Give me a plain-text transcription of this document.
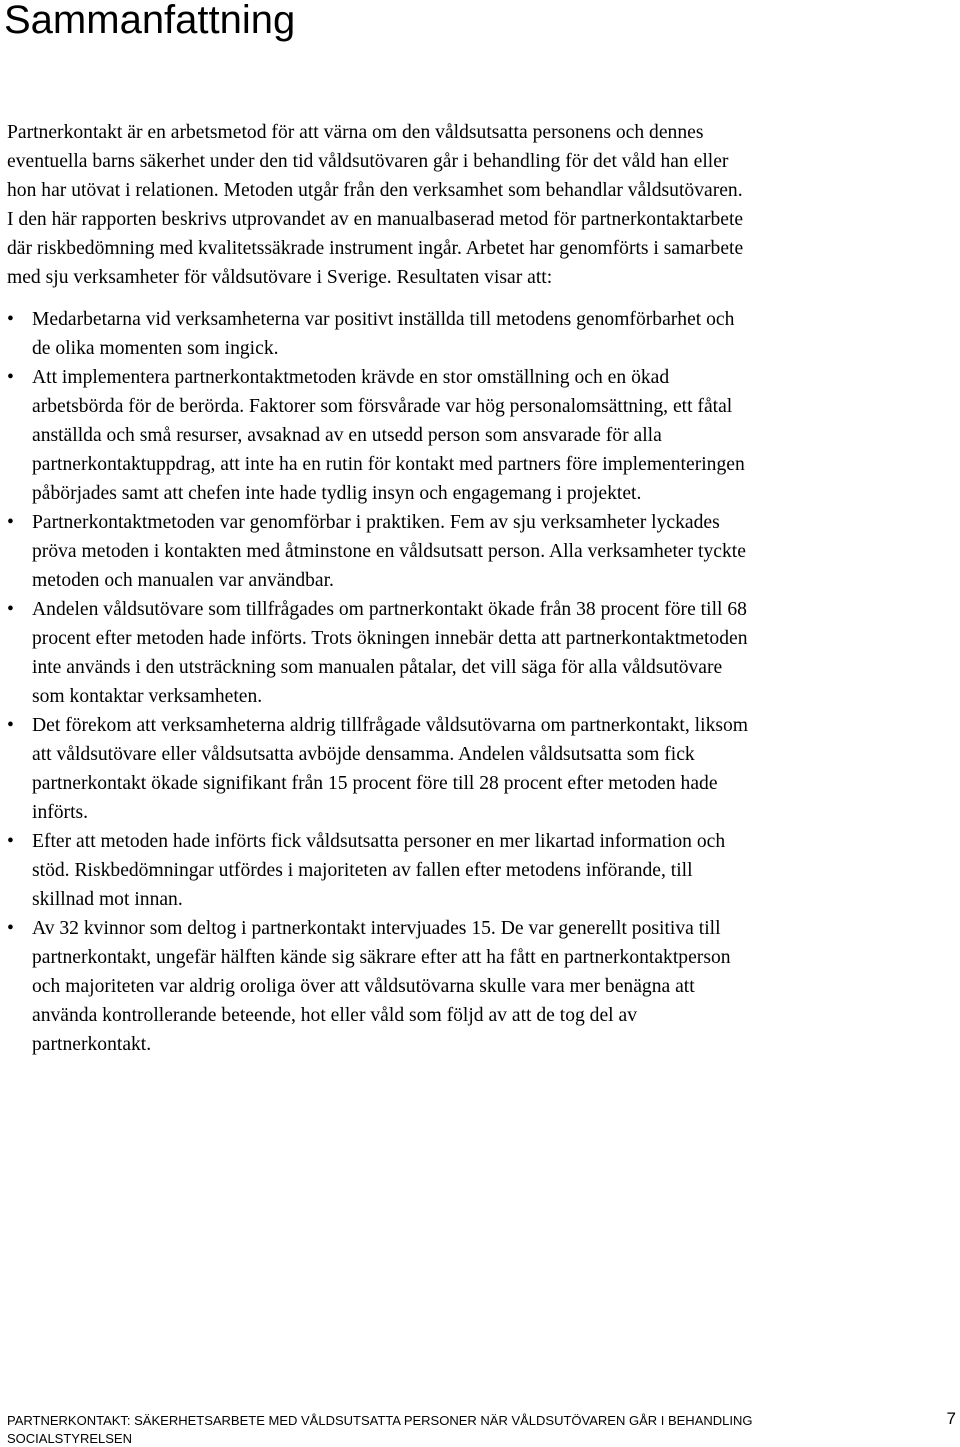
Sammanfattning

Partnerkontakt är en arbetsmetod för att värna om den våldsutsatta personens och dennes eventuella barns säkerhet under den tid våldsutövaren går i behandling för det våld han eller hon har utövat i relationen. Metoden utgår från den verksamhet som behandlar våldsutövaren. I den här rapporten beskrivs utprovandet av en manualbaserad metod för partnerkontaktarbete där riskbedömning med kvalitetssäkrade instrument ingår. Arbetet har genomförts i samarbete med sju verksamheter för våldsutövare i Sverige. Resultaten visar att:

• Medarbetarna vid verksamheterna var positivt inställda till metodens genomförbarhet och de olika momenten som ingick.
• Att implementera partnerkontaktmetoden krävde en stor omställning och en ökad arbetsbörda för de berörda. Faktorer som försvårade var hög personalomsättning, ett fåtal anställda och små resurser, avsaknad av en utsedd person som ansvarade för alla partnerkontaktuppdrag, att inte ha en rutin för kontakt med partners före implementeringen påbörjades samt att chefen inte hade tydlig insyn och engagemang i projektet.
• Partnerkontaktmetoden var genomförbar i praktiken. Fem av sju verksamheter lyckades pröva metoden i kontakten med åtminstone en våldsutsatt person. Alla verksamheter tyckte metoden och manualen var användbar.
• Andelen våldsutövare som tillfrågades om partnerkontakt ökade från 38 procent före till 68 procent efter metoden hade införts. Trots ökningen innebär detta att partnerkontaktmetoden inte används i den utsträckning som manualen påtalar, det vill säga för alla våldsutövare som kontaktar verksamheten.
• Det förekom att verksamheterna aldrig tillfrågade våldsutövarna om partnerkontakt, liksom att våldsutövare eller våldsutsatta avböjde densamma. Andelen våldsutsatta som fick partnerkontakt ökade signifikant från 15 procent före till 28 procent efter metoden hade införts.
• Efter att metoden hade införts fick våldsutsatta personer en mer likartad information och stöd. Riskbedömningar utfördes i majoriteten av fallen efter metodens införande, till skillnad mot innan.
• Av 32 kvinnor som deltog i partnerkontakt intervjuades 15. De var generellt positiva till partnerkontakt, ungefär hälften kände sig säkrare efter att ha fått en partnerkontaktperson och majoriteten var aldrig oroliga över att våldsutövarna skulle vara mer benägna att använda kontrollerande beteende, hot eller våld som följd av att de tog del av partnerkontakt.
PARTNERKONTAKT: SÄKERHETSARBETE MED VÅLDSUTSATTA PERSONER NÄR VÅLDSUTÖVAREN GÅR I BEHANDLING
SOCIALSTYRELSEN
7
